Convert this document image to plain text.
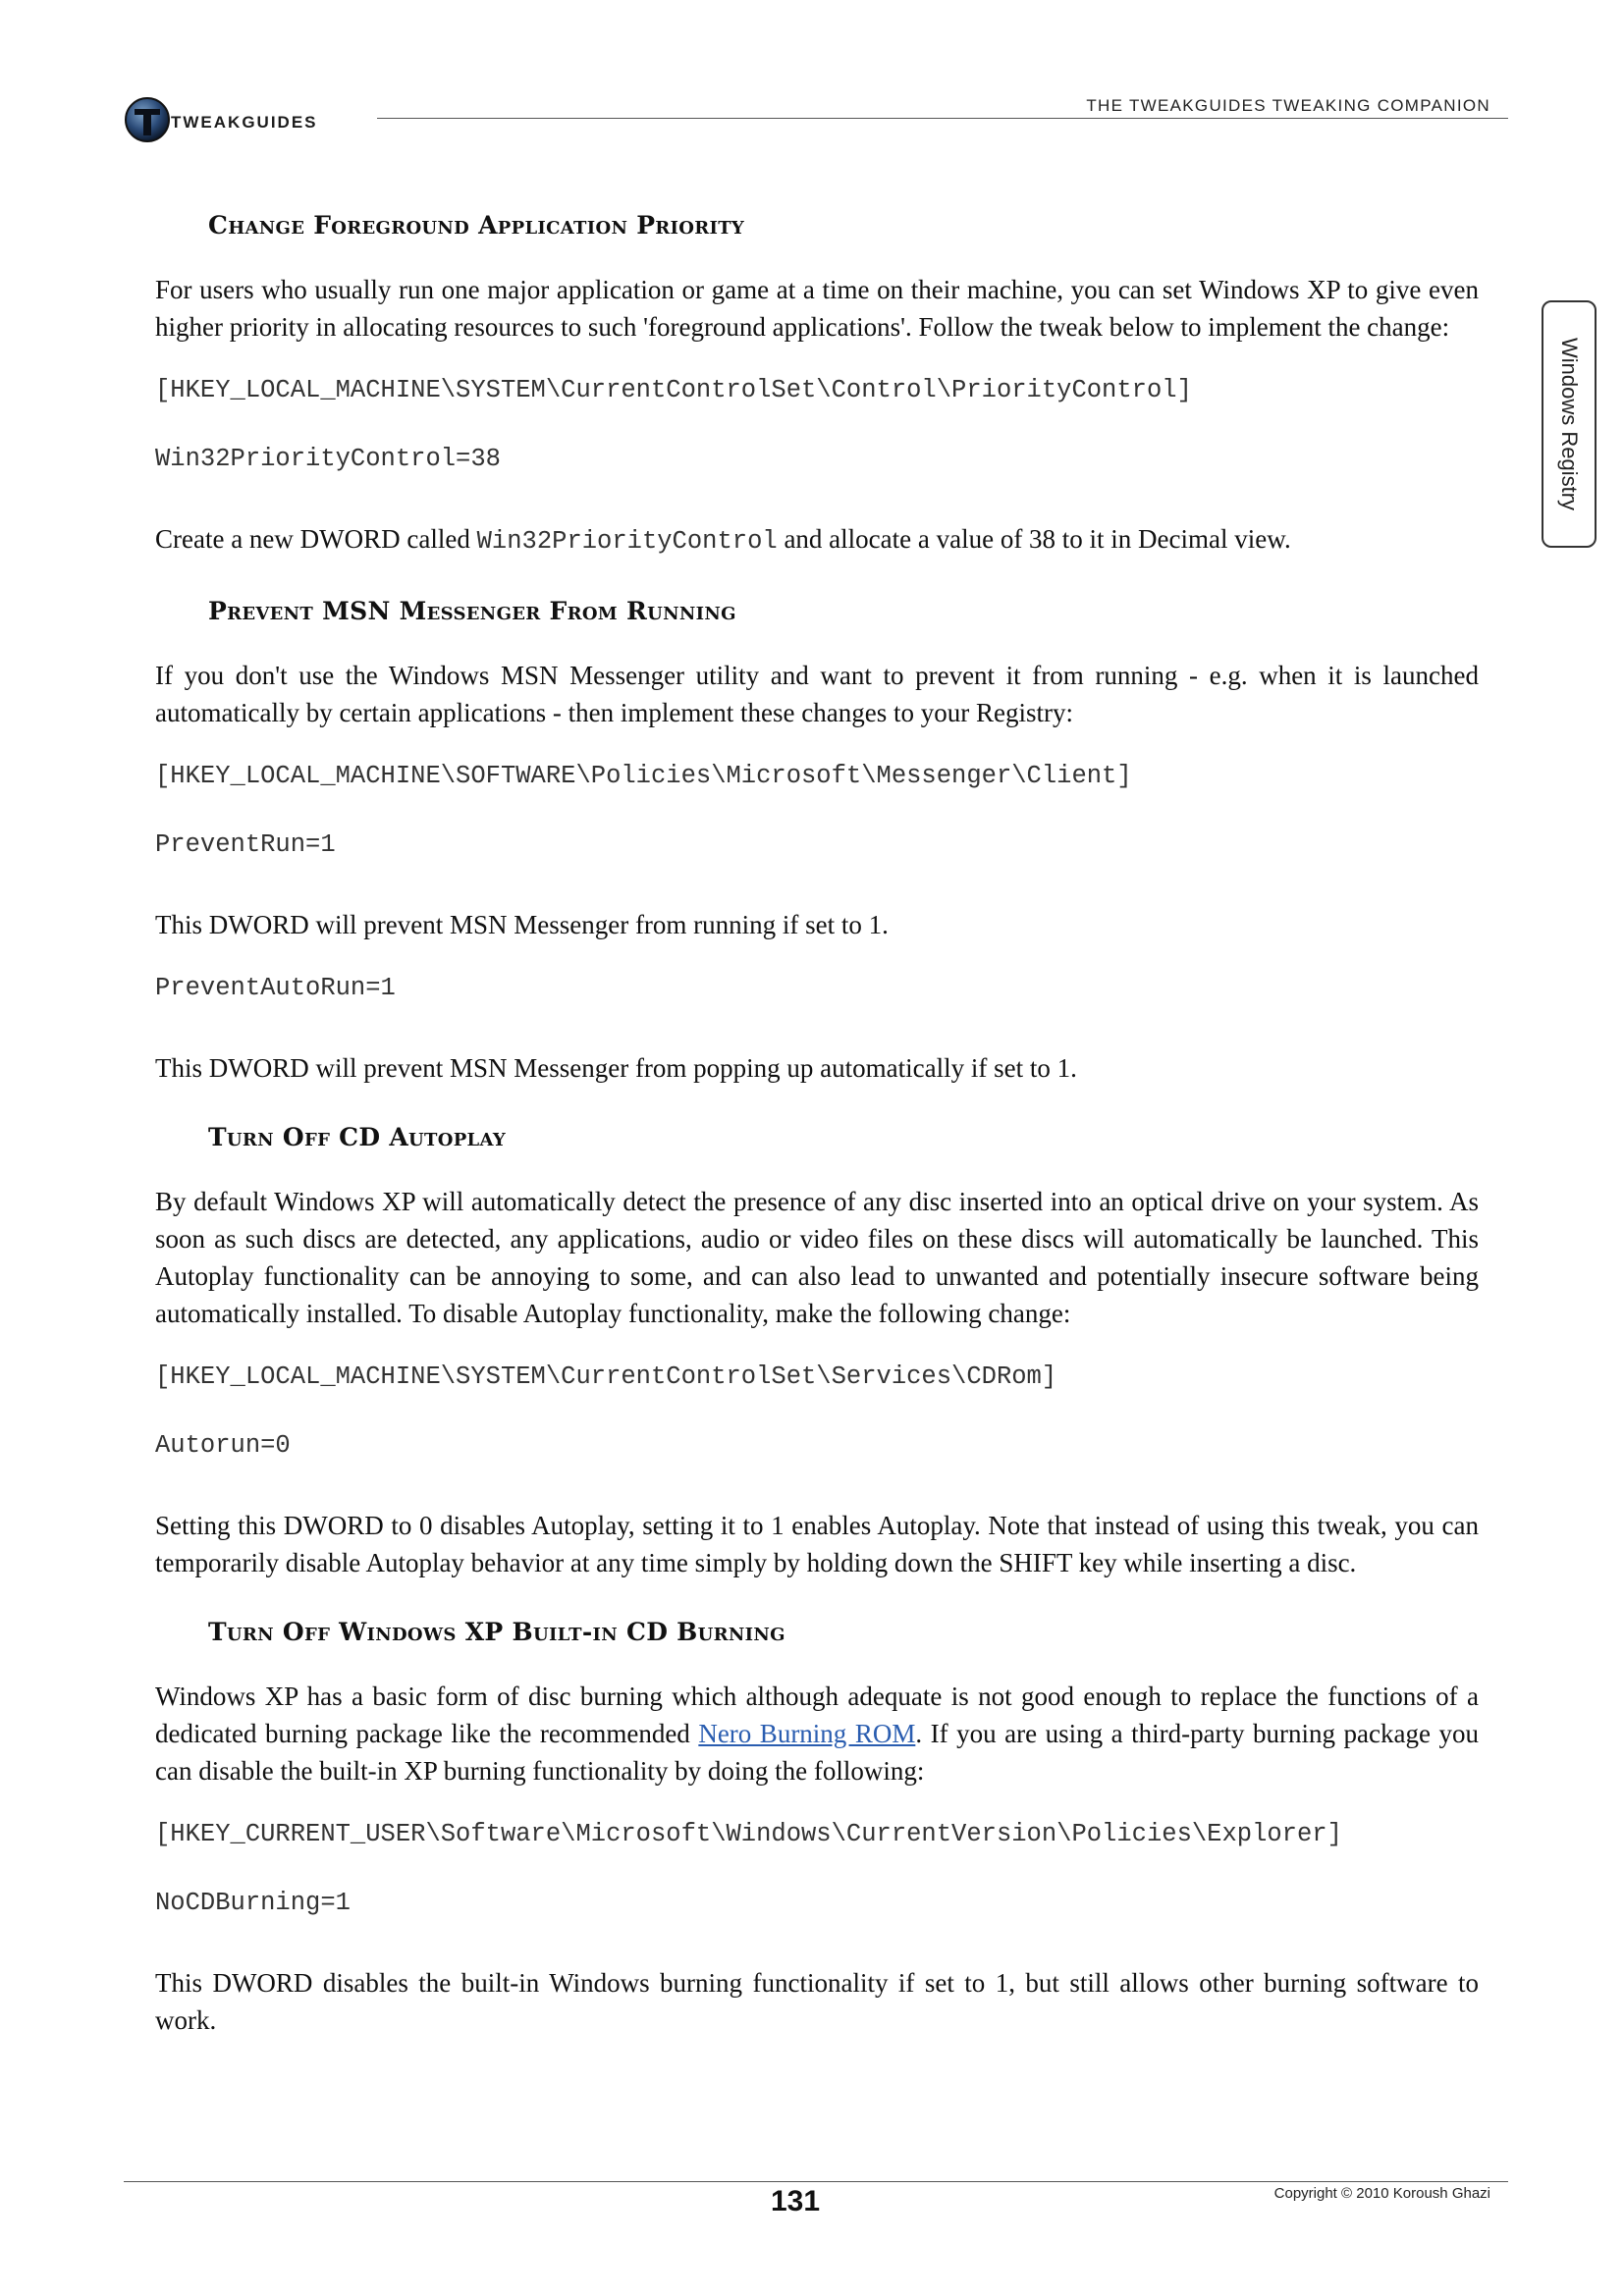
TWEAKGUIDES
THE TWEAKGUIDES TWEAKING COMPANION
Windows Registry
Change Foreground Application Priority

For users who usually run one major application or game at a time on their machine, you can set Windows XP to give even higher priority in allocating resources to such 'foreground applications'. Follow the tweak below to implement the change:

[HKEY_LOCAL_MACHINE\SYSTEM\CurrentControlSet\Control\PriorityControl]

Win32PriorityControl=38

Create a new DWORD called Win32PriorityControl and allocate a value of 38 to it in Decimal view.

Prevent MSN Messenger From Running

If you don't use the Windows MSN Messenger utility and want to prevent it from running - e.g. when it is launched automatically by certain applications - then implement these changes to your Registry:

[HKEY_LOCAL_MACHINE\SOFTWARE\Policies\Microsoft\Messenger\Client]

PreventRun=1

This DWORD will prevent MSN Messenger from running if set to 1.

PreventAutoRun=1

This DWORD will prevent MSN Messenger from popping up automatically if set to 1.

Turn Off CD Autoplay

By default Windows XP will automatically detect the presence of any disc inserted into an optical drive on your system. As soon as such discs are detected, any applications, audio or video files on these discs will automatically be launched. This Autoplay functionality can be annoying to some, and can also lead to unwanted and potentially insecure software being automatically installed. To disable Autoplay functionality, make the following change:

[HKEY_LOCAL_MACHINE\SYSTEM\CurrentControlSet\Services\CDRom]

Autorun=0

Setting this DWORD to 0 disables Autoplay, setting it to 1 enables Autoplay. Note that instead of using this tweak, you can temporarily disable Autoplay behavior at any time simply by holding down the SHIFT key while inserting a disc.

Turn Off Windows XP Built-in CD Burning

Windows XP has a basic form of disc burning which although adequate is not good enough to replace the functions of a dedicated burning package like the recommended Nero Burning ROM. If you are using a third-party burning package you can disable the built-in XP burning functionality by doing the following:

[HKEY_CURRENT_USER\Software\Microsoft\Windows\CurrentVersion\Policies\Explorer]

NoCDBurning=1

This DWORD disables the built-in Windows burning functionality if set to 1, but still allows other burning software to work.

131	Copyright © 2010 Koroush Ghazi
